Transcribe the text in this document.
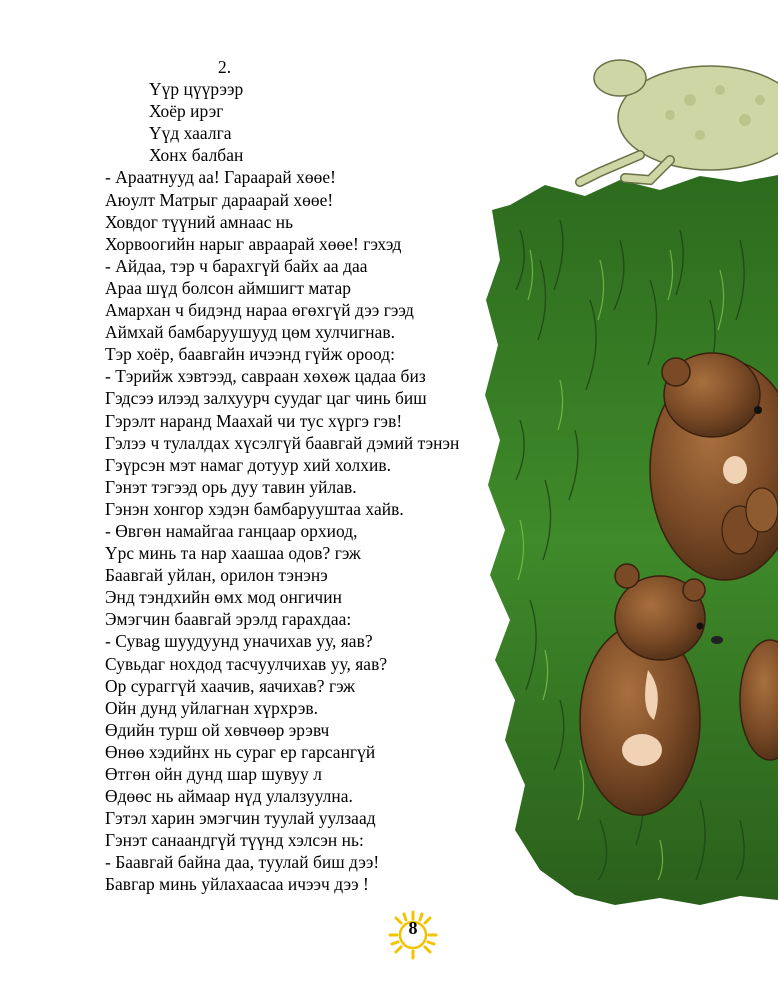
2.
Үүр цүүрээр
Хоёр ирэг
Үүд хаалга
Хонх балбан
- Араатнууд аа! Гараарай хөөе!
Аюулт Матрыг дараарай хөөе!
Ховдог түүний амнаас нь
Хорвоогийн нарыг авраарай хөөе! гэхэд
- Айдаа, тэр ч барахгүй байх аа даа
Араа шүд болсон аймшигт матар
Амархан ч бидэнд нараа өгөхгүй дээ гээд
Аймхай бамбаруушууд цөм хулчигнав.
Тэр хоёр, баавгайн ичээнд гүйж ороод:
- Тэрийж хэвтээд, савраан хөхөж цадаа биз
Гэдсээ илээд залхуурч суудаг цаг чинь биш
Гэрэлт наранд Маахай чи тус хүргэ гэв!
Гэлээ ч тулалдах хүсэлгүй баавгай дэмий тэнэн
Гэүрсэн мэт намаг дотуур хий холхив.
Гэнэт тэгээд орь дуу тавин уйлав.
Гэнэн хонгор хэдэн бамбарууштаа хайв.
- Өвгөн намайгаа ганцаар орхиод,
Үрс минь та нар хаашаа одов? гэж
Баавгай уйлан, орилон тэнэнэ
Энд тэндхийн өмх мод онгичин
Эмэгчин баавгай эрэлд гарахдаа:
- Сувag шуудуунд унaчихав уу, яав?
Сувьдаг нохдод тасчуулчихав уу, яав?
Ор сураггүй хаачив, яачихав? гэж
Ойн дунд уйлагнан хүрхрэв.
Өдийн турш ой хөвчөөр эрэвч
Өнөө хэдийнх нь сураг ер гарсангүй
Өтгөн ойн дунд шар шувуу л
Өдөөс нь аймаар нүд улалзуулна.
Гэтэл харин эмэгчин туулай уулзаад
Гэнэт санаандгүй түүнд хэлсэн нь:
- Баавгай байна даа, туулай биш дээ!
Бавгар минь уйлахаасаа ичээч дээ !
8
